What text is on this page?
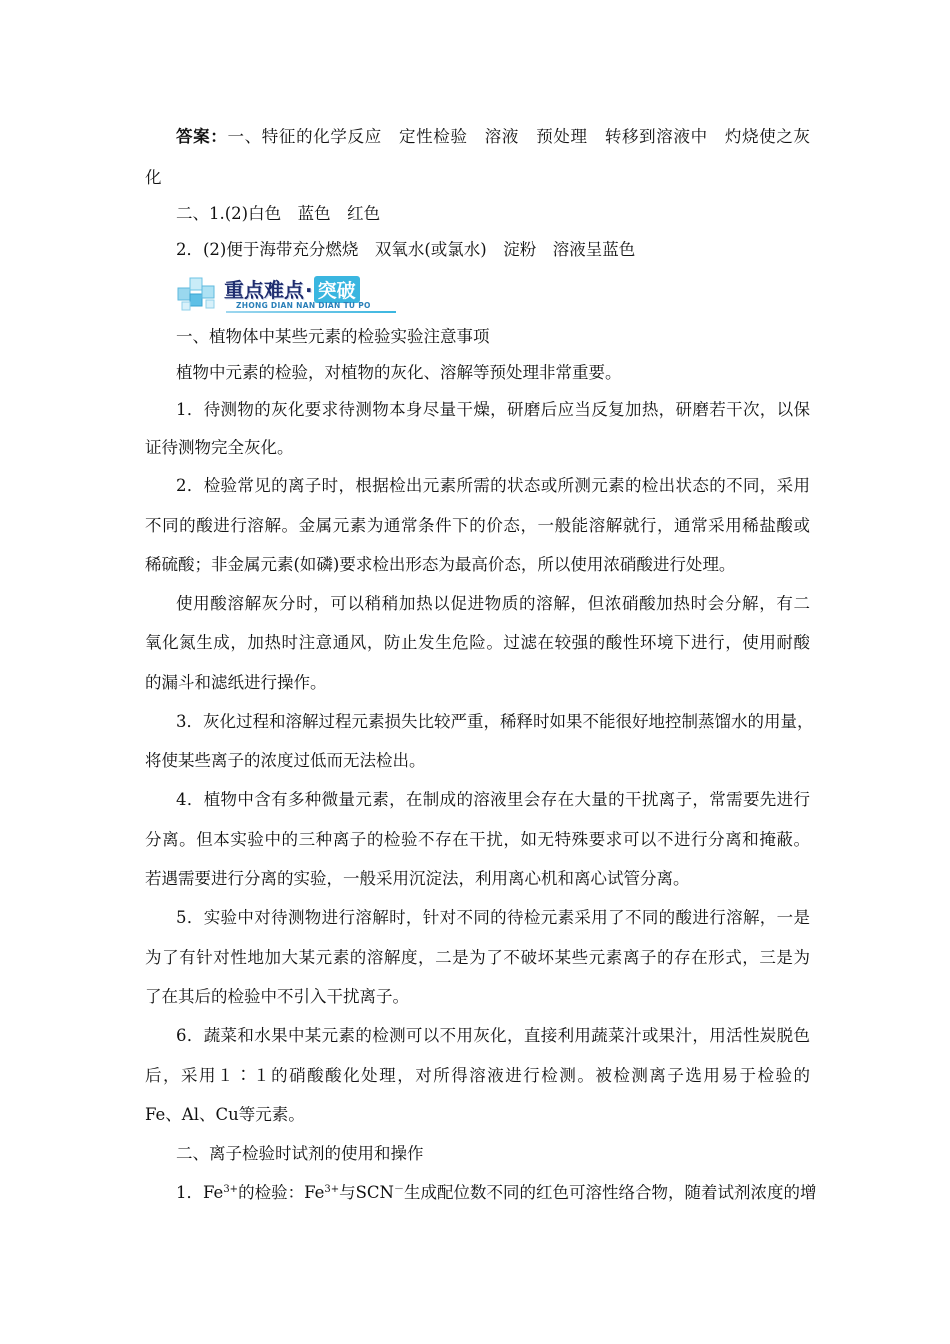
答案：一、特征的化学反应　定性检验　溶液　预处理　转移到溶液中　灼烧使之灰
化
二、1.(2)白色　蓝色　红色
2．(2)便于海带充分燃烧　双氧水(或氯水)　淀粉　溶液呈蓝色
重点难点· 突破
ZHONG DIAN NAN DIAN TU PO
一、植物体中某些元素的检验实验注意事项
植物中元素的检验，对植物的灰化、溶解等预处理非常重要。
1．待测物的灰化要求待测物本身尽量干燥，研磨后应当反复加热，研磨若干次，以保
证待测物完全灰化。
2．检验常见的离子时，根据检出元素所需的状态或所测元素的检出状态的不同，采用
不同的酸进行溶解。金属元素为通常条件下的价态，一般能溶解就行，通常采用稀盐酸或
稀硫酸；非金属元素(如磷)要求检出形态为最高价态，所以使用浓硝酸进行处理。
使用酸溶解灰分时，可以稍稍加热以促进物质的溶解，但浓硝酸加热时会分解，有二
氧化氮生成，加热时注意通风，防止发生危险。过滤在较强的酸性环境下进行，使用耐酸
的漏斗和滤纸进行操作。
3．灰化过程和溶解过程元素损失比较严重，稀释时如果不能很好地控制蒸馏水的用量，
将使某些离子的浓度过低而无法检出。
4．植物中含有多种微量元素，在制成的溶液里会存在大量的干扰离子，常需要先进行
分离。但本实验中的三种离子的检验不存在干扰，如无特殊要求可以不进行分离和掩蔽。
若遇需要进行分离的实验，一般采用沉淀法，利用离心机和离心试管分离。
5．实验中对待测物进行溶解时，针对不同的待检元素采用了不同的酸进行溶解，一是
为了有针对性地加大某元素的溶解度，二是为了不破坏某些元素离子的存在形式，三是为
了在其后的检验中不引入干扰离子。
6．蔬菜和水果中某元素的检测可以不用灰化，直接利用蔬菜汁或果汁，用活性炭脱色
后，采用１∶１的硝酸酸化处理，对所得溶液进行检测。被检测离子选用易于检验的
Fe、Al、Cu等元素。
二、离子检验时试剂的使用和操作
1．$Fe^{3+}$的检验：$Fe^{3+}$与SCN－生成配位数不同的红色可溶性络合物，随着试剂浓度的增
